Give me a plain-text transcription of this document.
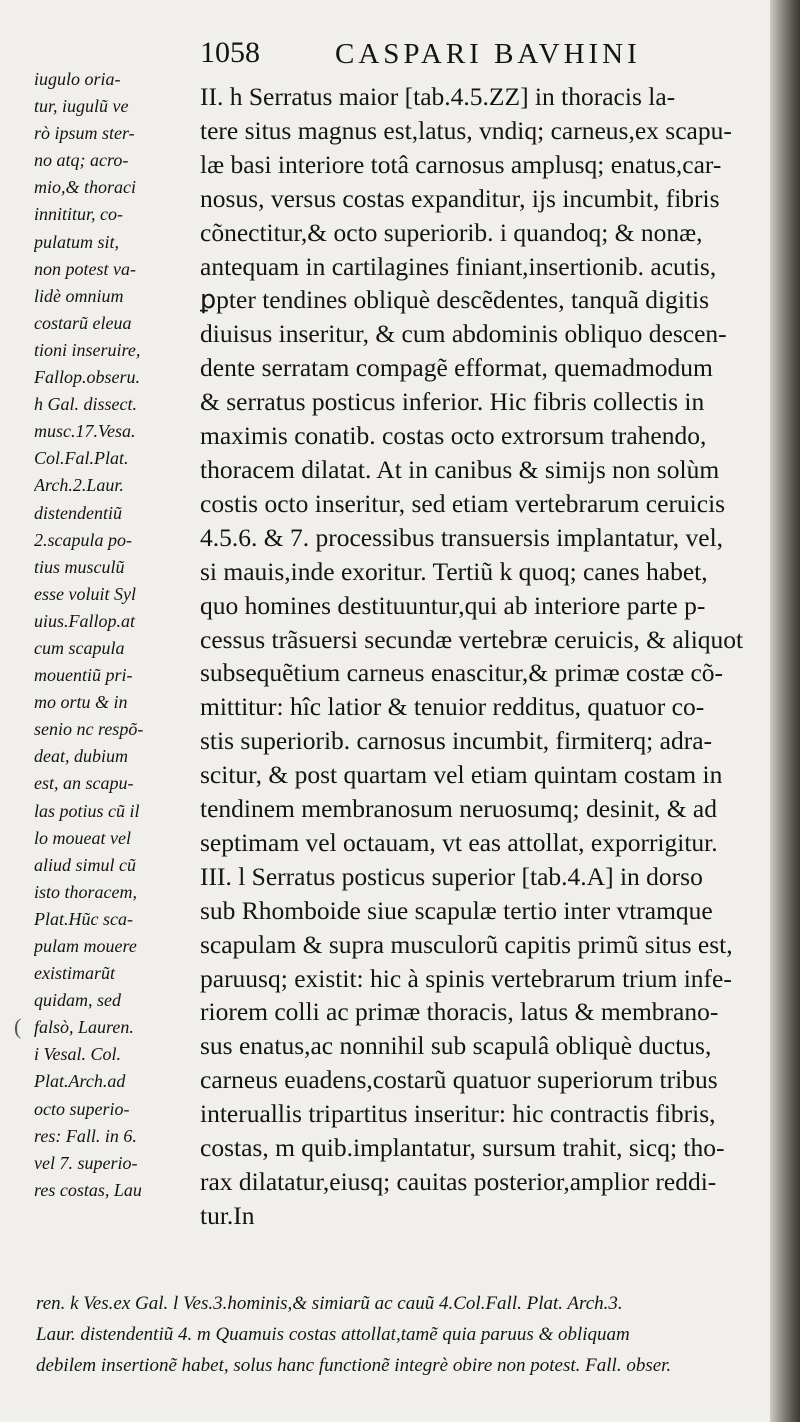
1058	CASPARI BAVHINI
(
iugulo oria-
tur, iugulũ ve
rò ipsum ster-
no atq; acro-
mio,& thoraci
innititur, co-
pulatum sit,
non potest va-
lidè omnium
costarũ eleua
tioni inseruire,
Fallop.obseru.
h Gal. dissect.
musc.17.Vesa.
Col.Fal.Plat.
Arch.2.Laur.
distendentiũ
2.scapula po-
tius musculũ
esse voluit Syl
uius.Fallop.at
cum scapula
mouentiũ pri-
mo ortu & in
senio nc respõ-
deat, dubium
est, an scapu-
las potius cũ il
lo moueat vel
aliud simul cũ
isto thoracem,
Plat.Hũc sca-
pulam mouere
existimarũt
quidam, sed
falsò, Lauren.
i Vesal. Col.
Plat.Arch.ad
octo superio-
res: Fall. in 6.
vel 7. superio-
res costas, Lau
II. h Serratus maior [tab.4.5.ZZ] in thoracis la-
tere situs magnus est,latus, vndiq; carneus,ex scapu-
læ basi interiore totâ carnosus amplusq; enatus,car-
nosus, versus costas expanditur, ijs incumbit, fibris
cõnectitur,& octo superiorib. i quandoq; & nonæ,
antequam in cartilagines finiant,insertionib. acutis,
ꝑpter tendines obliquè descẽdentes, tanquã digitis
diuisus inseritur, & cum abdominis obliquo descen-
dente serratam compagẽ efformat, quemadmodum
& serratus posticus inferior. Hic fibris collectis in
maximis conatib. costas octo extrorsum trahendo,
thoracem dilatat. At in canibus & simijs non solùm
costis octo inseritur, sed etiam vertebrarum ceruicis
4.5.6. & 7. processibus transuersis implantatur, vel,
si mauis,inde exoritur. Tertiũ k quoq; canes habet,
quo homines destituuntur,qui ab interiore parte p-
cessus trãsuersi secundæ vertebræ ceruicis, & aliquot
subsequẽtium carneus enascitur,& primæ costæ cõ-
mittitur: hîc latior & tenuior redditus, quatuor co-
stis superiorib. carnosus incumbit, firmiterq; adra-
scitur, & post quartam vel etiam quintam costam in
tendinem membranosum neruosumq; desinit, & ad
septimam vel octauam, vt eas attollat, exporrigitur.
III. l Serratus posticus superior [tab.4.A] in dorso
sub Rhomboide siue scapulæ tertio inter vtramque
scapulam & supra musculorũ capitis primũ situs est,
paruusq; existit: hic à spinis vertebrarum trium infe-
riorem colli ac primæ thoracis, latus & membrano-
sus enatus,ac nonnihil sub scapulâ obliquè ductus,
carneus euadens,costarũ quatuor superiorum tribus
interuallis tripartitus inseritur: hic contractis fibris,
costas, m quib.implantatur, sursum trahit, sicq; tho-
rax dilatatur,eiusq; cauitas posterior,amplior reddi-
tur.In
ren. k Ves.ex Gal. l Ves.3.hominis,& simiarũ ac cauũ 4.Col.Fall. Plat. Arch.3.
Laur. distendentiũ 4. m Quamuis costas attollat,tamẽ quia paruus & obliquam
debilem insertionẽ habet, solus hanc functionẽ integrè obire non potest. Fall. obser.
